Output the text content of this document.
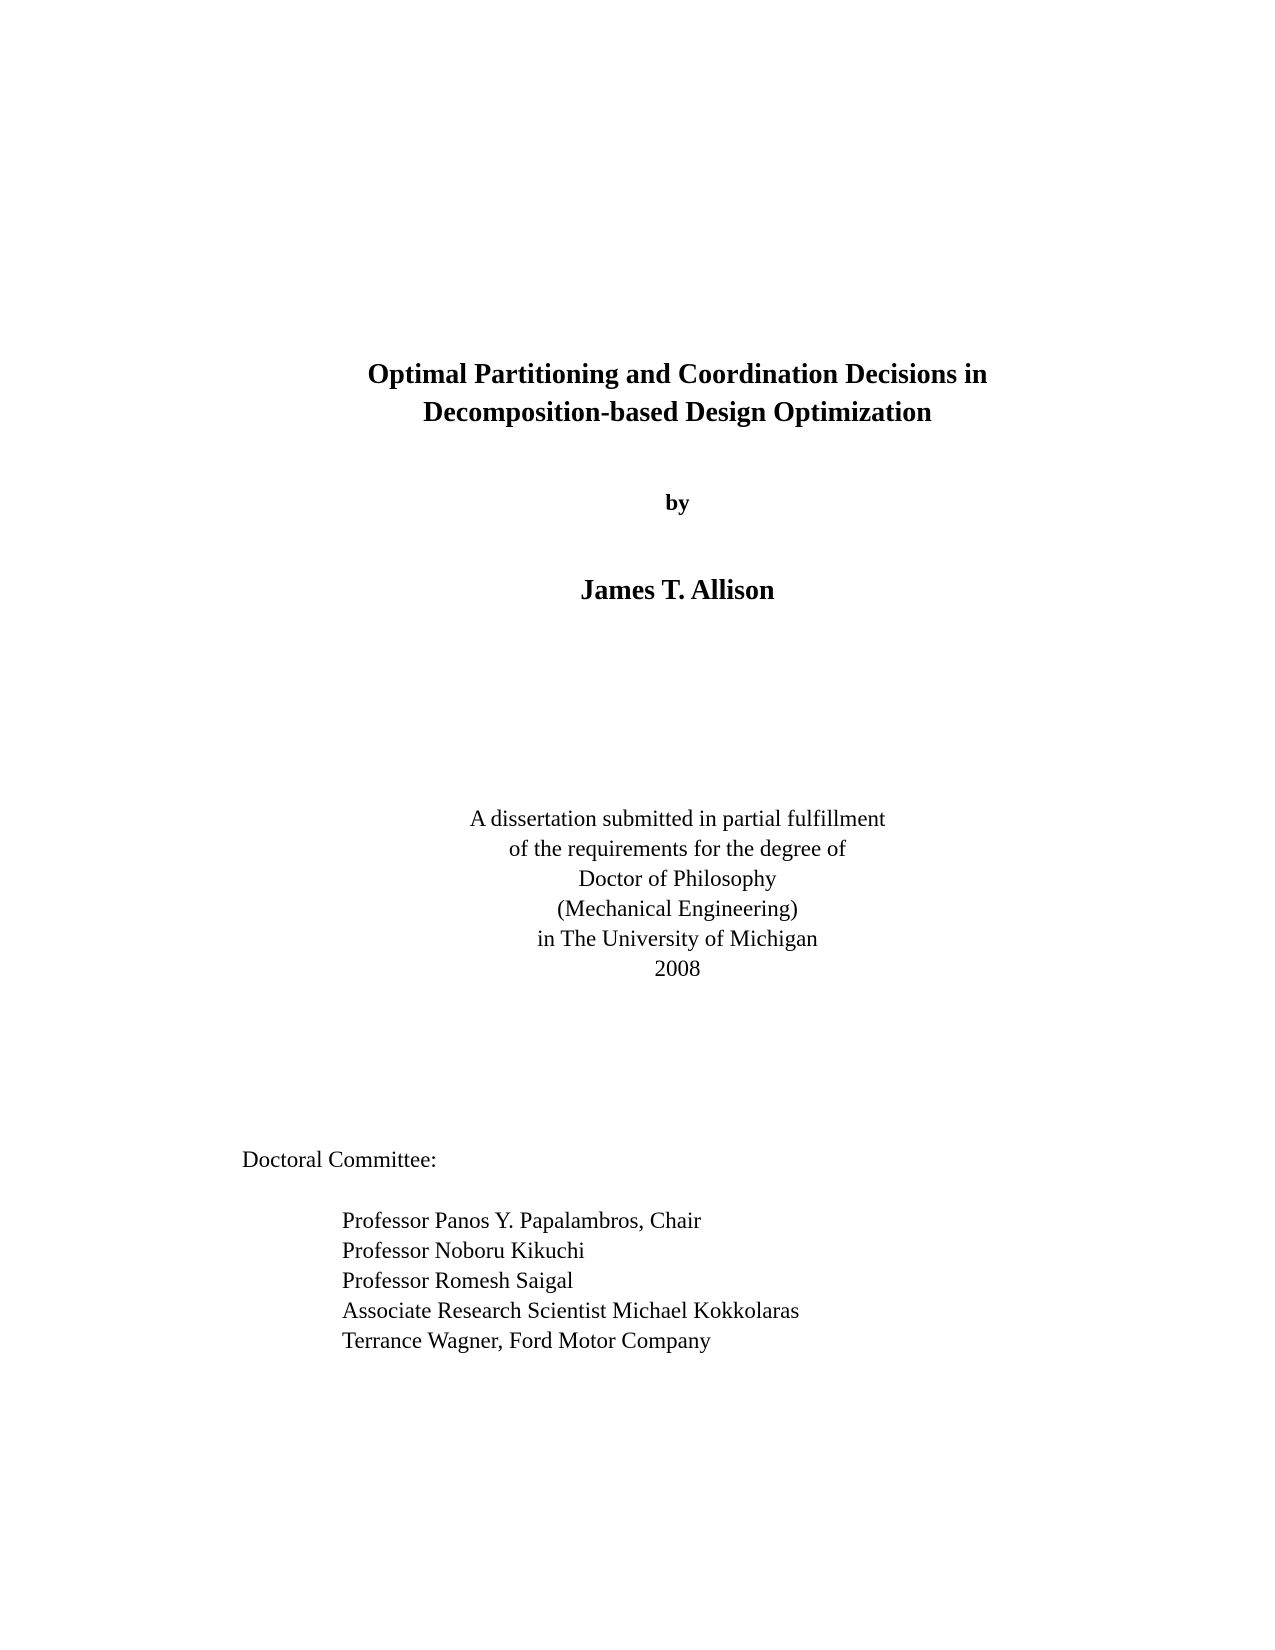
Optimal Partitioning and Coordination Decisions in
Decomposition-based Design Optimization
by
James T. Allison
A dissertation submitted in partial fulfillment
of the requirements for the degree of
Doctor of Philosophy
(Mechanical Engineering)
in The University of Michigan
2008
Doctoral Committee:
Professor Panos Y. Papalambros, Chair
Professor Noboru Kikuchi
Professor Romesh Saigal
Associate Research Scientist Michael Kokkolaras
Terrance Wagner, Ford Motor Company
